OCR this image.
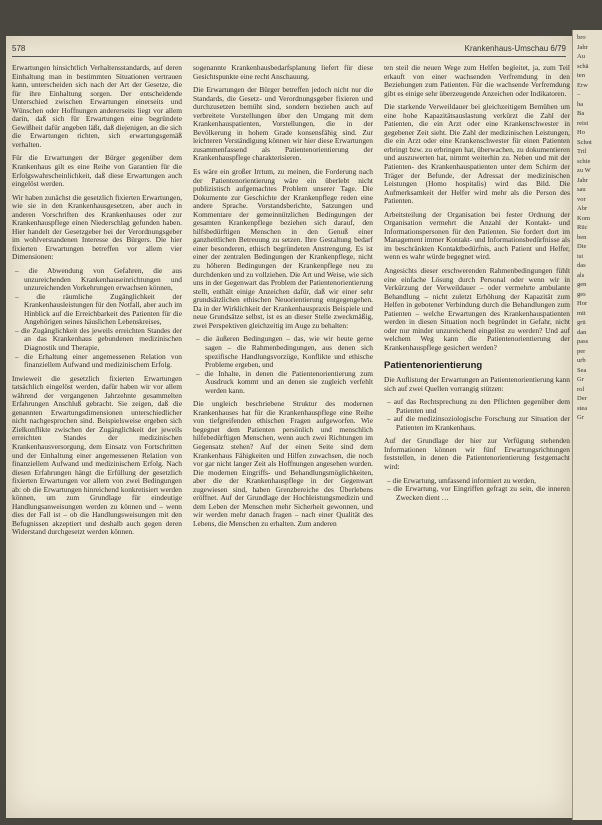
578	Krankenhaus-Umschau 6/79

Erwartungen hinsichtlich Verhaltensstandards, auf deren Einhaltung man in bestimmten Situationen vertrauen kann, unterscheiden sich nach der Art der Gesetze, die für ihre Einhaltung sorgen. Der entscheidende Unterschied zwischen Erwartungen einerseits und Wünschen oder Hoffnungen andererseits liegt vor allem darin, daß sich für Erwartungen eine begründete Gewißheit dafür angeben läßt, daß diejenigen, an die sich die Erwartungen richten, sich erwartungsgemäß verhalten.

Für die Erwartungen der Bürger gegenüber dem Krankenhaus gilt es eine Reihe von Garantien für die Erfolgswahrscheinlichkeit, daß diese Erwartungen auch eingelöst werden.

Wir haben zunächst die gesetzlich fixierten Erwartungen, wie sie in den Krankenhausgesetzen, aber auch in anderen Vorschriften des Krankenhauses oder zur Krankenhauspflege einen Niederschlag gefunden haben. Hier handelt der Gesetzgeber bei der Verordnungsgeber im wohlverstandenen Interesse des Bürgers. Die hier fixierten Erwartungen betreffen vor allem vier Dimensionen:

– die Abwendung von Gefahren, die aus unzureichenden Krankenhauseinrichtungen und unzureichenden Vorkehrungen erwachsen können,
– die räumliche Zugänglichkeit der Krankenhausleistungen für den Notfall, aber auch im Hinblick auf die Erreichbarkeit des Patienten für die Angehörigen seines häuslichen Lebenskreises,
– die Zugänglichkeit des jeweils erreichten Standes der an das Krankenhaus gebundenen medizinischen Diagnostik und Therapie,
– die Erhaltung einer angemessenen Relation von finanziellem Aufwand und medizinischem Erfolg.

Inwieweit die gesetzlich fixierten Erwartungen tatsächlich eingelöst werden, dafür haben wir vor allem während der vergangenen Jahrzehnte gesammelten Erfahrungen Anschluß gebracht. Sie zeigen, daß die genannten Erwartungsdimensionen unterschiedlicher nicht nachgesprochen sind. Beispielsweise ergeben sich Zielkonflikte zwischen der Zugänglichkeit der jeweils erreichten Standes der medizinischen Krankenhausversorgung, dem Einsatz von Fortschritten und der Einhaltung einer angemessenen Relation von finanziellem Aufwand und medizinischem Erfolg. Nach diesen Erfahrungen hängt die Erfüllung der gesetzlich fixierten Erwartungen vor allem von zwei Bedingungen ab: ob die Erwartungen hinreichend konkretisiert werden können, um zum Grundlage für eindeutige Handlungsanweisungen werden zu können und – wenn dies der Fall ist – ob die Handlungsweisungen mit den Befugnissen akzeptiert und deshalb auch gegen deren Widerstand durchgesetzt werden können.

sogenannte Krankenhausbedarfsplanung liefert für diese Gesichtspunkte eine recht Anschauung.

Die Erwartungen der Bürger betreffen jedoch nicht nur die Standards, die Gesetz- und Verordnungsgeber fixieren und durchzusetzen bemüht sind, sondern beziehen auch auf verbreitete Vorstellungen über den Umgang mit dem Krankenhauspatienten, Vorstellungen, die in der Bevölkerung in hohem Grade konsensfähig sind. Zur leichteren Verständigung können wir hier diese Erwartungen zusammenfassend als Patientenorientierung der Krankenhauspflege charakterisieren.

Es wäre ein großer Irrtum, zu meinen, die Forderung nach der Patientenorientierung wäre ein überlebt nicht publizistisch aufgemachtes Problem unserer Tage. Die Dokumente zur Geschichte der Krankenpflege reden eine andere Sprache. Vorstandsberichte, Satzungen und Kommentare der gemeinnützlichen Bedingungen der gesamten Krankenpflege beziehen sich darauf, den hilfsbedürftigen Menschen in den Genuß einer ganzheitlichen Betreuung zu setzen. Ihre Gestaltung bedarf einer besonderen, ethisch begründeten Anstrengung. Es ist einer der zentralen Bedingungen der Krankenpflege, nicht zu höheren Bedingungen der Krankenpflege neu zu durchdenken und zu vollziehen. Die Art und Weise, wie sich uns in der Gegenwart das Problem der Patientenorientierung stellt, enthält einige Anzeichen dafür, daß wir einer sehr grundsätzlichen ethischen Neuorientierung entgegengehen. Da in der Wirklichkeit der Krankenhauspraxis Beispiele und neue Grundsätze selbst, ist es an dieser Stelle zweckmäßig, zwei Perspektiven gleichzeitig im Auge zu behalten:

– die äußeren Bedingungen – das, wie wir heute gerne sagen – die Rahmenbedingungen, aus denen sich spezifische Handlungsvorzüge, Konflikte und ethische Probleme ergeben, und
– die Inhalte, in denen die Patientenorientierung zum Ausdruck kommt und an denen sie zugleich verfehlt werden kann.

Die ungleich beschriebene Struktur des modernen Krankenhauses hat für die Krankenhauspflege eine Reihe von tiefgreifenden ethischen Fragen aufgeworfen. Wie begegnet dem Patienten persönlich und menschlich hilfebedürftigen Menschen, wenn auch zwei Richtungen im Gegensatz stehen? Auf der einen Seite sind dem Krankenhaus Fähigkeiten und Hilfen zuwachsen, die noch vor gar nicht langer Zeit als Hoffnungen angesehen wurden. Die modernen Eingriffs- und Behandlungsmöglichkeiten, aber die der Krankenhauspflege in der Gegenwart zugewiesen sind, haben Grenzbereiche des Überlebens eröffnet. Auf der Grundlage der Hochleistungsmedizin und dem Leben der Menschen mehr Sicherheit gewonnen, und wir werden mehr danach fragen – nach einer Qualität des Lebens, die Menschen zu erhalten. Zum anderen

ten steil die neuen Wege zum Helfen begleitet, ja, zum Teil erkauft von einer wachsenden Verfremdung in den Beziehungen zum Patienten. Für die wachsende Verfremdung gibt es einige sehr überzeugende Anzeichen oder Indikatoren.

Die starkende Verweildauer bei gleichzeitigem Bemühen um eine hohe Kapazitätsauslastung verkürzt die Zahl der Patienten, die ein Arzt oder eine Krankenschwester in gegebener Zeit sieht. Die Zahl der medizinischen Leistungen, die ein Arzt oder eine Krankenschwester für einen Patienten erbringt bzw. zu erbringen hat, überwachen, zu dokumentieren und auszuwerten hat, nimmt weiterhin zu. Neben und mit der Patienten- des Krankenhauspatienten unter dem Schirm der Träger der Befunde, der Adressat der medizinischen Leistungen (Homo hospitalis) wird das Bild. Die Aufmerksamkeit der Helfer wird mehr als die Person des Patienten.

Arbeitsteilung der Organisation bei fester Ordnung der Organisation vermehrt die Anzahl der Kontakt- und Informationspersonen für den Patienten. Sie fordert dort im Management immer Kontakt- und Informationsbedürfnisse als im beschränkten Kontaktbedürfnis, auch Patient und Helfer, wenn es wahr würde begegnet wird.

Angesichts dieser erschwerenden Rahmenbedingungen fühlt eine einfache Lösung durch Personal oder wenn wir in Verkürzung der Verweildauer – oder vermehrte ambulante Behandlung – nicht zuletzt Erhöhung der Kapazität zum Helfen in gebotener Verbindung durch die Behandlungen zum Patienten – welche Erwartungen des Krankenhauspatienten werden in diesen Situation noch begründet in Gefahr, nicht oder nur minder unzureichend eingelöst zu werden? Und auf welchem Weg kann die Patientenorientierung der Krankenhauspflege gesichert werden?

Patientenorientierung

Die Auflistung der Erwartungen an Patientenorientierung kann sich auf zwei Quellen vorrangig stützen:

– auf das Rechtsprechung zu den Pflichten gegenüber dem Patienten und
– auf die medizinsoziologische Forschung zur Situation der Patienten im Krankenhaus.

Auf der Grundlage der hier zur Verfügung stehenden Informationen können wir fünf Erwartungsrichtungen feststellen, in denen die Patientenorientierung festgemacht wird:

– die Erwartung, umfassend informiert zu werden,
– die Erwartung, vor Eingriffen gefragt zu sein, die inneren Zwecken dient …
bro
Jahr
Au
schä
ten
Erw
–
ha
Ba
reist
Ho
Schot
Tril
schie
zu W
Jahr
sau
vor
Abr
Kom
Rüc
ben
Die
ist
das
als
gen
ges
Hor
mit
grü
dan
pass
per
urb
Sea
Gr
rol
Der
stea
Gr
